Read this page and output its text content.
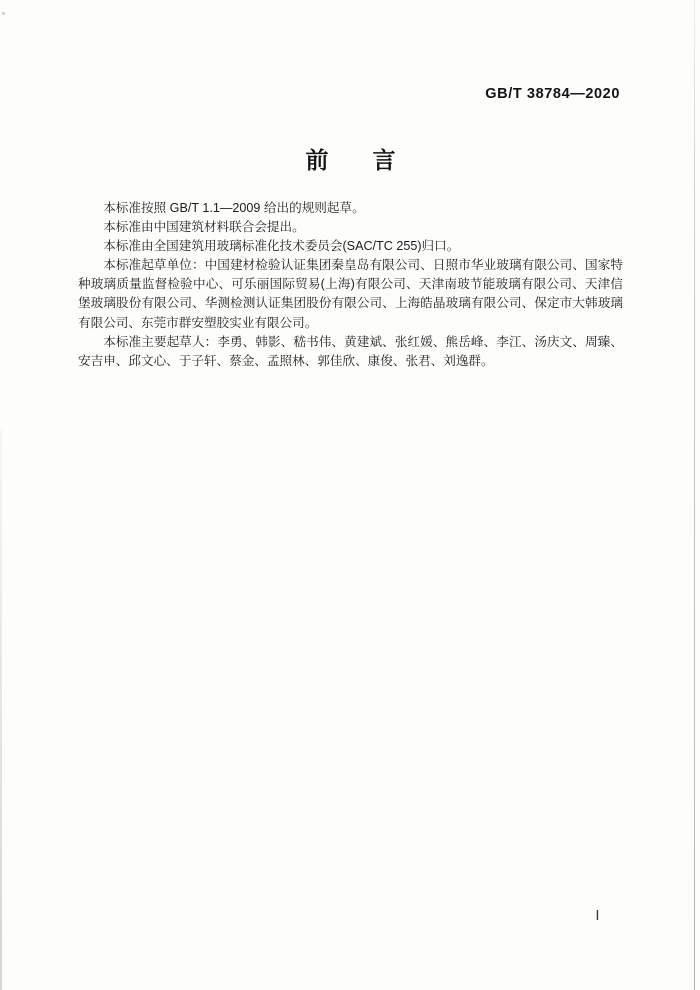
GB/T 38784—2020
前 言

本标准按照 GB/T 1.1—2009 给出的规则起草。

本标准由中国建筑材料联合会提出。

本标准由全国建筑用玻璃标准化技术委员会(SAC/TC 255)归口。

本标准起草单位：中国建材检验认证集团秦皇岛有限公司、日照市华业玻璃有限公司、国家特种玻璃质量监督检验中心、可乐丽国际贸易(上海)有限公司、天津南玻节能玻璃有限公司、天津信堡玻璃股份有限公司、华测检测认证集团股份有限公司、上海皓晶玻璃有限公司、保定市大韩玻璃有限公司、东莞市群安塑胶实业有限公司。

本标准主要起草人：李勇、韩影、嵇书伟、黄建斌、张红媛、熊岳峰、李江、汤庆文、周臻、安吉申、邱文心、于子轩、蔡金、孟照林、郭佳欣、康俊、张君、刘逸群。

Ⅰ
